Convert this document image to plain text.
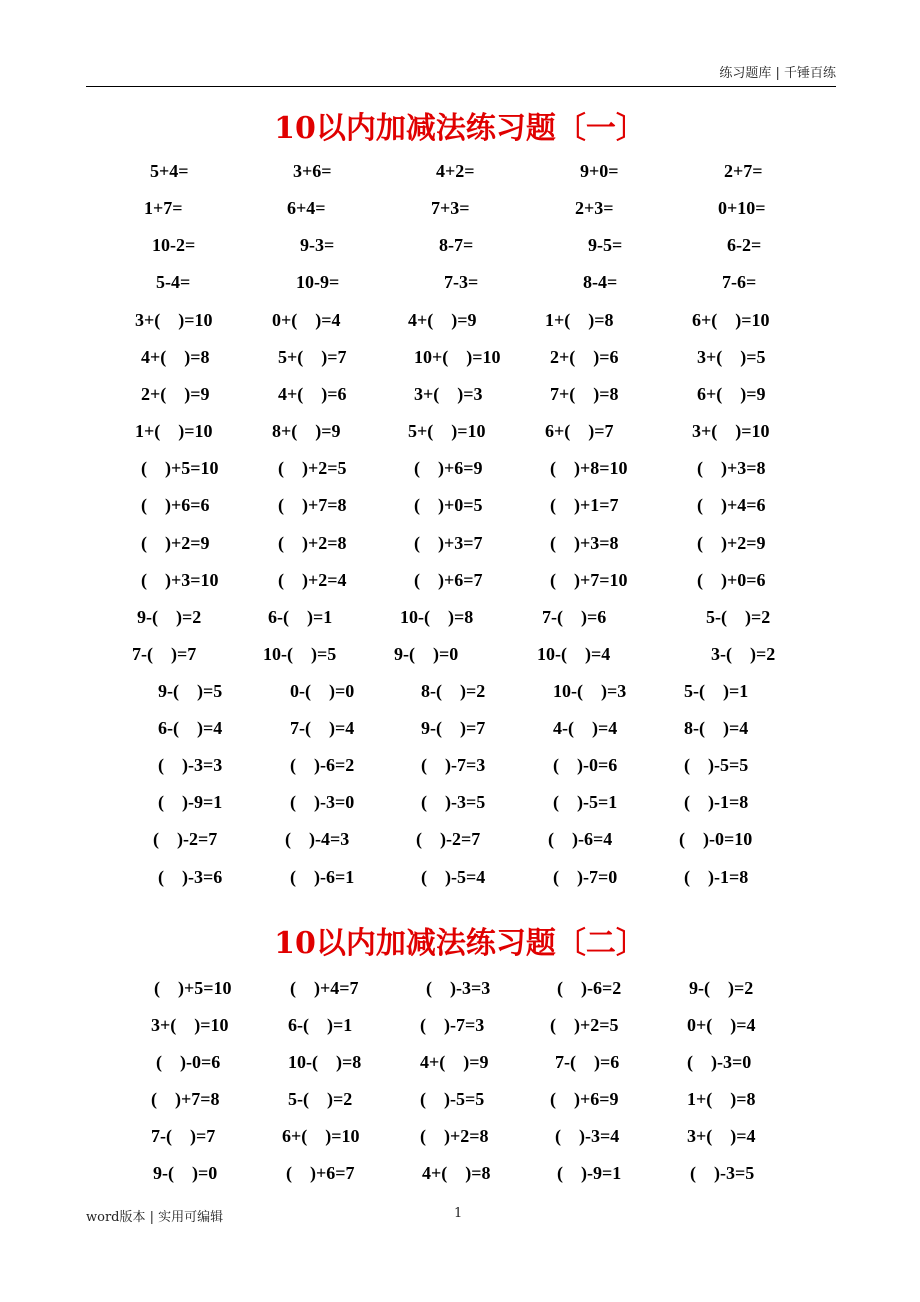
练习题库 | 千锤百练
10以内加减法练习题〔一〕
5+4=	3+6=	4+2=	9+0=	2+7=
1+7=	6+4=	7+3=	2+3=	0+10=
10-2=	9-3=	8-7=	9-5=	6-2=
5-4=	10-9=	7-3=	8-4=	7-6=
3+(    )=10	0+(    )=4	4+(    )=9	1+(    )=8	6+(    )=10
4+(    )=8	5+(    )=7	10+(    )=10	2+(    )=6	3+(    )=5
2+(    )=9	4+(    )=6	3+(    )=3	7+(    )=8	6+(    )=9
1+(    )=10	8+(    )=9	5+(    )=10	6+(    )=7	3+(    )=10
(    )+5=10	(    )+2=5	(    )+6=9	(    )+8=10	(    )+3=8
(    )+6=6	(    )+7=8	(    )+0=5	(    )+1=7	(    )+4=6
(    )+2=9	(    )+2=8	(    )+3=7	(    )+3=8	(    )+2=9
(    )+3=10	(    )+2=4	(    )+6=7	(    )+7=10	(    )+0=6
9-(    )=2	6-(    )=1	10-(    )=8	7-(    )=6	5-(    )=2
7-(    )=7	10-(    )=5	9-(    )=0	10-(    )=4	3-(    )=2
9-(    )=5	0-(    )=0	8-(    )=2	10-(    )=3	5-(    )=1
6-(    )=4	7-(    )=4	9-(    )=7	4-(    )=4	8-(    )=4
(    )-3=3	(    )-6=2	(    )-7=3	(    )-0=6	(    )-5=5
(    )-9=1	(    )-3=0	(    )-3=5	(    )-5=1	(    )-1=8
(    )-2=7	(    )-4=3	(    )-2=7	(    )-6=4	(    )-0=10
(    )-3=6	(    )-6=1	(    )-5=4	(    )-7=0	(    )-1=8
10以内加减法练习题〔二〕
(    )+5=10	(    )+4=7	(    )-3=3	(    )-6=2	9-(    )=2
3+(    )=10	6-(    )=1	(    )-7=3	(    )+2=5	0+(    )=4
(    )-0=6	10-(    )=8	4+(    )=9	7-(    )=6	(    )-3=0
(    )+7=8	5-(    )=2	(    )-5=5	(    )+6=9	1+(    )=8
7-(    )=7	6+(    )=10	(    )+2=8	(    )-3=4	3+(    )=4
9-(    )=0	(    )+6=7	4+(    )=8	(    )-9=1	(    )-3=5
word版本 | 实用可编辑	1
